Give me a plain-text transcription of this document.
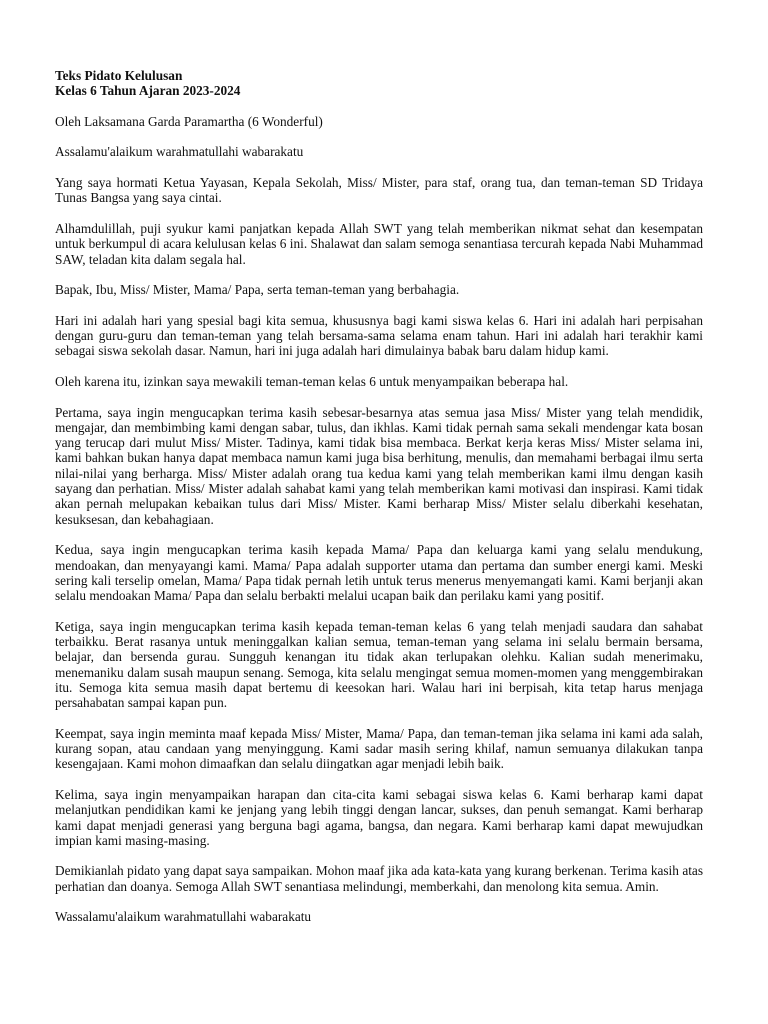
Teks Pidato Kelulusan
Kelas 6 Tahun Ajaran 2023-2024

Oleh Laksamana Garda Paramartha (6 Wonderful)

Assalamu'alaikum warahmatullahi wabarakatu

Yang saya hormati Ketua Yayasan, Kepala Sekolah, Miss/ Mister, para staf, orang tua, dan teman-teman SD Tridaya Tunas Bangsa yang saya cintai.

Alhamdulillah, puji syukur kami panjatkan kepada Allah SWT yang telah memberikan nikmat sehat dan kesempatan untuk berkumpul di acara kelulusan kelas 6 ini. Shalawat dan salam semoga senantiasa tercurah kepada Nabi Muhammad SAW, teladan kita dalam segala hal.

Bapak, Ibu, Miss/ Mister, Mama/ Papa, serta teman-teman yang berbahagia.

Hari ini adalah hari yang spesial bagi kita semua, khususnya bagi kami siswa kelas 6. Hari ini adalah hari perpisahan dengan guru-guru dan teman-teman yang telah bersama-sama selama enam tahun. Hari ini adalah hari terakhir kami sebagai siswa sekolah dasar. Namun, hari ini juga adalah hari dimulainya babak baru dalam hidup kami.

Oleh karena itu, izinkan saya mewakili teman-teman kelas 6 untuk menyampaikan beberapa hal.

Pertama, saya ingin mengucapkan terima kasih sebesar-besarnya atas semua jasa Miss/ Mister yang telah mendidik, mengajar, dan membimbing kami dengan sabar, tulus, dan ikhlas. Kami tidak pernah sama sekali mendengar kata bosan yang terucap dari mulut Miss/ Mister. Tadinya, kami tidak bisa membaca. Berkat kerja keras Miss/ Mister selama ini, kami bahkan bukan hanya dapat membaca namun kami juga bisa berhitung, menulis, dan memahami berbagai ilmu serta nilai-nilai yang berharga. Miss/ Mister adalah orang tua kedua kami yang telah memberikan kami ilmu dengan kasih sayang dan perhatian. Miss/ Mister adalah sahabat kami yang telah memberikan kami motivasi dan inspirasi. Kami tidak akan pernah melupakan kebaikan tulus dari Miss/ Mister. Kami berharap Miss/ Mister selalu diberkahi kesehatan, kesuksesan, dan kebahagiaan.

Kedua, saya ingin mengucapkan terima kasih kepada Mama/ Papa dan keluarga kami yang selalu mendukung, mendoakan, dan menyayangi kami. Mama/ Papa adalah supporter utama dan pertama dan sumber energi kami. Meski sering kali terselip omelan, Mama/ Papa tidak pernah letih untuk terus menerus menyemangati kami. Kami berjanji akan selalu mendoakan Mama/ Papa dan selalu berbakti melalui ucapan baik dan perilaku kami yang positif.

Ketiga, saya ingin mengucapkan terima kasih kepada teman-teman kelas 6 yang telah menjadi saudara dan sahabat terbaikku. Berat rasanya untuk meninggalkan kalian semua, teman-teman yang selama ini selalu bermain bersama, belajar, dan bersenda gurau. Sungguh kenangan itu tidak akan terlupakan olehku. Kalian sudah menerimaku, menemaniku dalam susah maupun senang. Semoga, kita selalu mengingat semua momen-momen yang menggembirakan itu. Semoga kita semua masih dapat bertemu di keesokan hari. Walau hari ini berpisah, kita tetap harus menjaga persahabatan sampai kapan pun.

Keempat, saya ingin meminta maaf kepada Miss/ Mister, Mama/ Papa, dan teman-teman jika selama ini kami ada salah, kurang sopan, atau candaan yang menyinggung. Kami sadar masih sering khilaf, namun semuanya dilakukan tanpa kesengajaan. Kami mohon dimaafkan dan selalu diingatkan agar menjadi lebih baik.

Kelima, saya ingin menyampaikan harapan dan cita-cita kami sebagai siswa kelas 6. Kami berharap kami dapat melanjutkan pendidikan kami ke jenjang yang lebih tinggi dengan lancar, sukses, dan penuh semangat. Kami berharap kami dapat menjadi generasi yang berguna bagi agama, bangsa, dan negara. Kami berharap kami dapat mewujudkan impian kami masing-masing.

Demikianlah pidato yang dapat saya sampaikan. Mohon maaf jika ada kata-kata yang kurang berkenan. Terima kasih atas perhatian dan doanya. Semoga Allah SWT senantiasa melindungi, memberkahi, dan menolong kita semua. Amin.

Wassalamu'alaikum warahmatullahi wabarakatu
